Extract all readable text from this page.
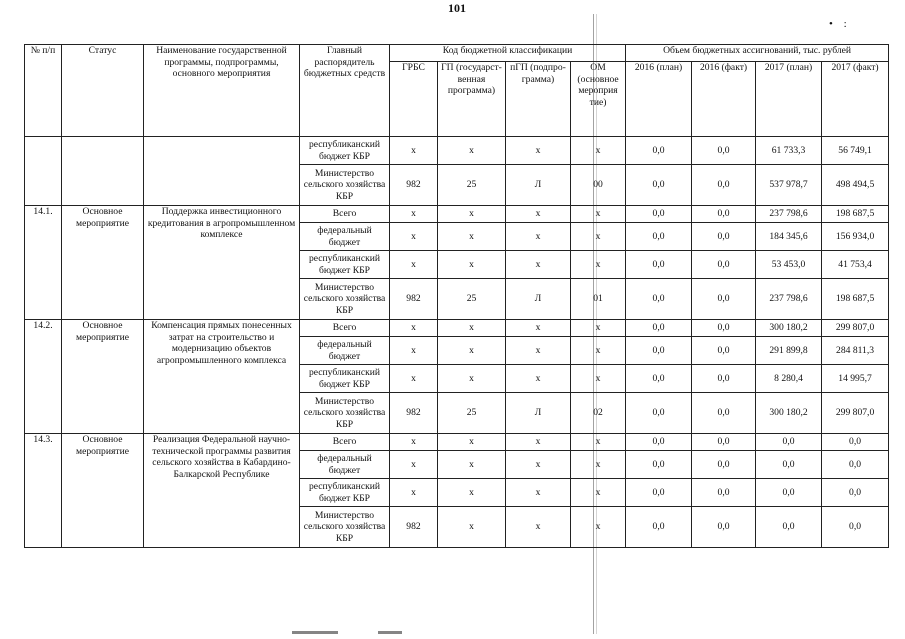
101
• :
№ п/п	Статус	Наименование государственной программы, подпрограммы, основного мероприятия	Главный распорядитель бюджетных средств	Код бюджетной классификации				Объем бюджетных ассигнований, тыс. рублей			
				ГРБС	ГП (государст-венная программа)	пГП (подпро-грамма)	ОМ (основное мероприя тие)	2016 (план)	2016 (факт)	2017 (план)	2017 (факт)
			республиканский бюджет КБР	х	х	х	х	0,0	0,0	61 733,3	56 749,1
			Министерство сельского хозяйства КБР	982	25	Л	00	0,0	0,0	537 978,7	498 494,5
14.1.	Основное мероприятие	Поддержка инвестиционного кредитования в агропромышленном комплексе	Всего	х	х	х	х	0,0	0,0	237 798,6	198 687,5
			федеральный бюджет	х	х	х	х	0,0	0,0	184 345,6	156 934,0
			республиканский бюджет КБР	х	х	х	х	0,0	0,0	53 453,0	41 753,4
			Министерство сельского хозяйства КБР	982	25	Л	01	0,0	0,0	237 798,6	198 687,5
14.2.	Основное мероприятие	Компенсация прямых понесенных затрат на строительство и модернизацию объектов агропромышленного комплекса	Всего	х	х	х	х	0,0	0,0	300 180,2	299 807,0
			федеральный бюджет	х	х	х	х	0,0	0,0	291 899,8	284 811,3
			республиканский бюджет КБР	х	х	х	х	0,0	0,0	8 280,4	14 995,7
			Министерство сельского хозяйства КБР	982	25	Л	02	0,0	0,0	300 180,2	299 807,0
14.3.	Основное мероприятие	Реализация Федеральной научно-технической программы развития сельского хозяйства в Кабардино-Балкарской Республике	Всего	х	х	х	х	0,0	0,0	0,0	0,0
			федеральный бюджет	х	х	х	х	0,0	0,0	0,0	0,0
			республиканский бюджет КБР	х	х	х	х	0,0	0,0	0,0	0,0
			Министерство сельского хозяйства КБР	982	х	х	х	0,0	0,0	0,0	0,0
